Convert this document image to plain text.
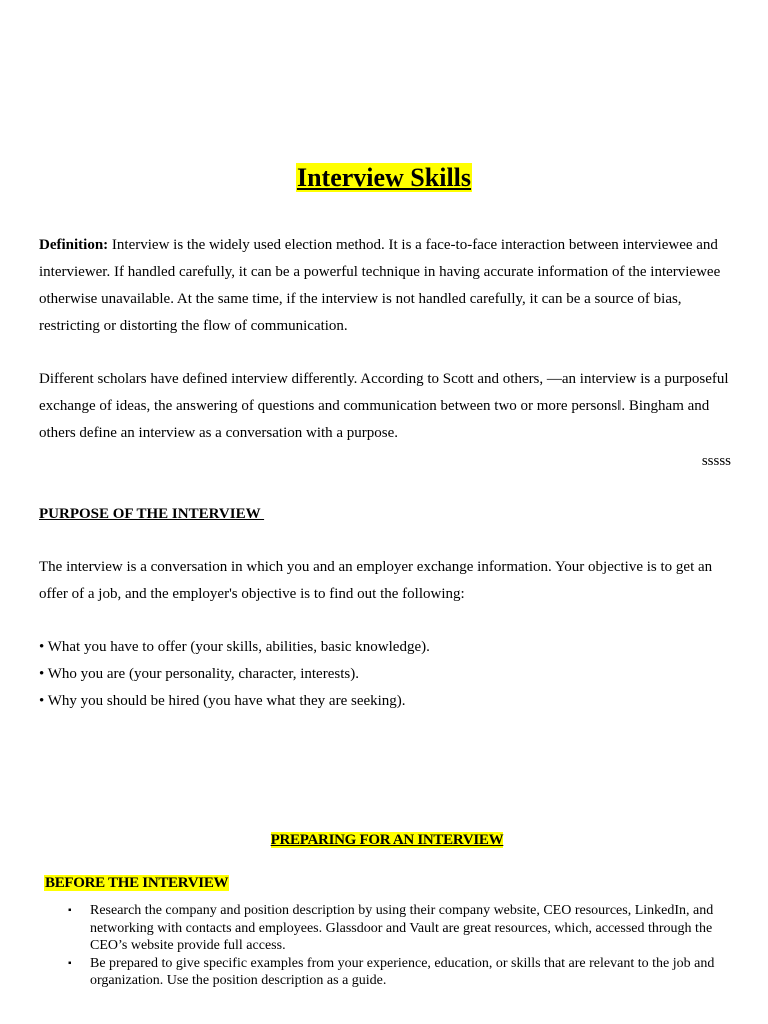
Interview Skills

Definition: Interview is the widely used election method. It is a face-to-face interaction between interviewee and interviewer. If handled carefully, it can be a powerful technique in having accurate information of the interviewee otherwise unavailable. At the same time, if the interview is not handled carefully, it can be a source of bias, restricting or distorting the flow of communication.

Different scholars have defined interview differently. According to Scott and others, ―an interview is a purposeful exchange of ideas, the answering of questions and communication between two or more persons‖. Bingham and others define an interview as a conversation with a purpose.

sssss
PURPOSE OF THE INTERVIEW

The interview is a conversation in which you and an employer exchange information. Your objective is to get an offer of a job, and the employer's objective is to find out the following:

• What you have to offer (your skills, abilities, basic knowledge).
• Who you are (your personality, character, interests).
• Why you should be hired (you have what they are seeking).
PREPARING FOR AN INTERVIEW
BEFORE THE INTERVIEW
▪ Research the company and position description by using their company website, CEO resources, LinkedIn, and networking with contacts and employees. Glassdoor and Vault are great resources, which, accessed through the CEO’s website provide full access.
▪ Be prepared to give specific examples from your experience, education, or skills that are relevant to the job and organization. Use the position description as a guide.
